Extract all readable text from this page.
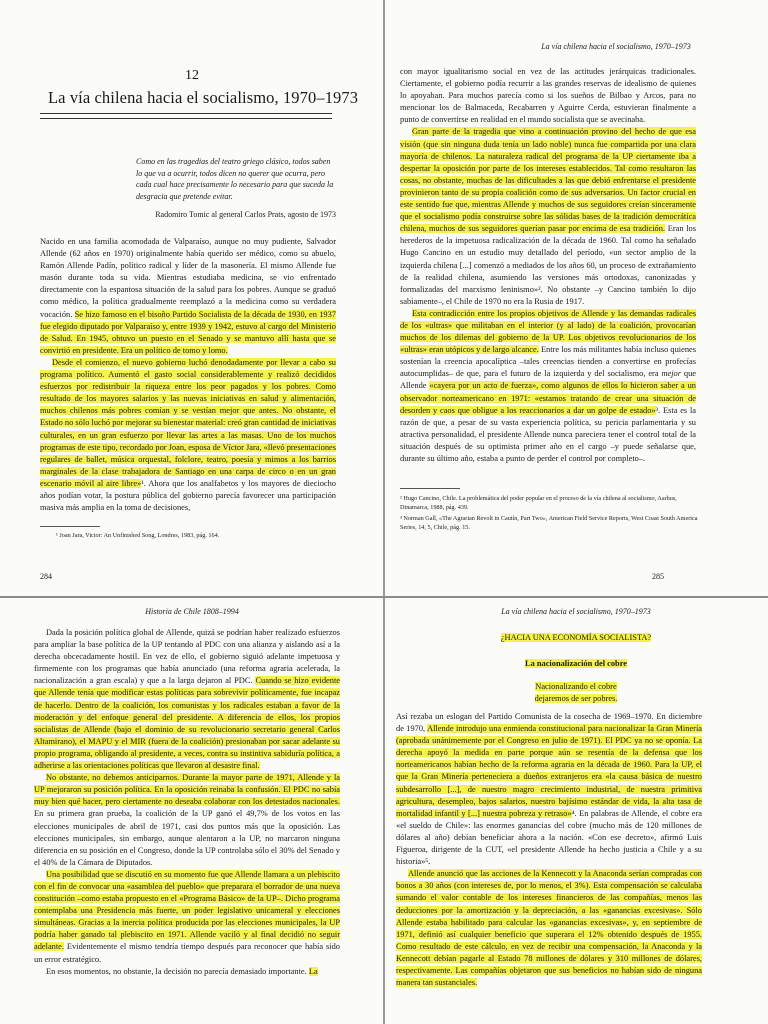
12
La vía chilena hacia el socialismo, 1970–1973
Como en las tragedias del teatro griego clásico, todos saben lo que va a ocurrir, todos dicen no querer que ocurra, pero cada cual hace precisamente lo necesario para que suceda la desgracia que pretende evitar.
Radomiro Tomic al general Carlos Prats, agosto de 1973

Nacido en una familia acomodada de Valparaíso, aunque no muy pudiente, Salvador Allende (62 años en 1970) originalmente había querido ser médico, como su abuelo, Ramón Allende Padín, político radical y líder de la masonería. El mismo Allende fue masón durante toda su vida. Mientras estudiaba medicina, se vio enfrentado directamente con la espantosa situación de la salud para los pobres. Aunque se graduó como médico, la política gradualmente reemplazó a la medicina como su verdadera vocación. Se hizo famoso en el bisoño Partido Socialista de la década de 1930, en 1937 fue elegido diputado por Valparaíso y, entre 1939 y 1942, estuvo al cargo del Ministerio de Salud. En 1945, obtuvo un puesto en el Senado y se mantuvo allí hasta que se convirtió en presidente. Era un político de tomo y lomo.

Desde el comienzo, el nuevo gobierno luchó denodadamente por llevar a cabo su programa político. Aumentó el gasto social considerablemente y realizó decididos esfuerzos por redistribuir la riqueza entre los peor pagados y los pobres. Como resultado de los mayores salarios y las nuevas iniciativas en salud y alimentación, muchos chilenos más pobres comían y se vestían mejor que antes. No obstante, el Estado no sólo luchó por mejorar su bienestar material: creó gran cantidad de iniciativas culturales, en un gran esfuerzo por llevar las artes a las masas. Uno de los muchos programas de este tipo, recordado por Joan, esposa de Víctor Jara, «llevó presentaciones regulares de ballet, música orquestal, folclore, teatro, poesía y mimos a los barrios marginales de la clase trabajadora de Santiago en una carpa de circo o en un gran escenario móvil al aire libre»¹. Ahora que los analfabetos y los mayores de dieciocho años podían votar, la postura pública del gobierno parecía favorecer una participación masiva más amplia en la toma de decisiones,

¹ Joan Jara, Victor: An Unfinished Song, Londres, 1983, pág. 164.
284
La vía chilena hacia el socialismo, 1970–1973

con mayor igualitarismo social en vez de las actitudes jerárquicas tradicionales. Ciertamente, el gobierno podía recurrir a las grandes reservas de idealismo de quienes lo apoyaban. Para muchos parecía como si los sueños de Bilbao y Arcos, para no mencionar los de Balmaceda, Recabarren y Aguirre Cerda, estuvieran finalmente a punto de convertirse en realidad en el mundo socialista que se avecinaba.

Gran parte de la tragedia que vino a continuación provino del hecho de que esa visión (que sin ninguna duda tenía un lado noble) nunca fue compartida por una clara mayoría de chilenos. La naturaleza radical del programa de la UP ciertamente iba a despertar la oposición por parte de los intereses establecidos. Tal como resultaron las cosas, no obstante, muchas de las dificultades a las que debió enfrentarse el presidente provinieron tanto de su propia coalición como de sus adversarios. Un factor crucial en este sentido fue que, mientras Allende y muchos de sus seguidores creían sinceramente que el socialismo podía construirse sobre las sólidas bases de la tradición democrática chilena, muchos de sus seguidores querían pasar por encima de esa tradición. Eran los herederos de la impetuosa radicalización de la década de 1960. Tal como ha señalado Hugo Cancino en un estudio muy detallado del período, «un sector amplio de la izquierda chilena [...] comenzó a mediados de los años 60, un proceso de extrañamiento de la realidad chilena, asumiendo las versiones más ortodoxas, canonizadas y formalizadas del marxismo leninismo»². No obstante –y Cancino también lo dijo sabiamente–, el Chile de 1970 no era la Rusia de 1917.

Esta contradicción entre los propios objetivos de Allende y las demandas radicales de los «ultras» que militaban en el interior (y al lado) de la coalición, provocarían muchos de los dilemas del gobierno de la UP. Los objetivos revolucionarios de los «ultras» eran utópicos y de largo alcance. Entre los más militantes había incluso quienes sostenían la creencia apocalíptica –tales creencias tienden a convertirse en profecías autocumplidas– de que, para el futuro de la izquierda y del socialismo, era mejor que Allende «cayera por un acto de fuerza», como algunos de ellos lo hicieron saber a un observador norteamericano en 1971: «estamos tratando de crear una situación de desorden y caos que obligue a los reaccionarios a dar un golpe de estado»³. Esta es la razón de que, a pesar de su vasta experiencia política, su pericia parlamentaria y su atractiva personalidad, el presidente Allende nunca pareciera tener el control total de la situación después de su optimista primer año en el cargo –y puede señalarse que, durante su último año, estaba a punto de perder el control por completo–.

² Hugo Cancino, Chile. La problemática del poder popular en el proceso de la vía chilena al socialismo, Aarhus, Dinamarca, 1988, pág. 439.
³ Norman Gall, «The Agrarian Revolt in Cautín, Part Two», American Field Service Reports, West Coast South America Series, 14, 5, Chile, pág. 15.
285
Historia de Chile 1808–1994

Dada la posición política global de Allende, quizá se podrían haber realizado esfuerzos para ampliar la base política de la UP tentando al PDC con una alianza y aislando así a la derecha obcecadamente hostil. En vez de ello, el gobierno siguió adelante impetuosa y firmemente con los programas que había anunciado (una reforma agraria acelerada, la nacionalización a gran escala) y que a la larga dejaron al PDC. Cuando se hizo evidente que Allende tenía que modificar estas políticas para sobrevivir políticamente, fue incapaz de hacerlo. Dentro de la coalición, los comunistas y los radicales estaban a favor de la moderación y del enfoque general del presidente. A diferencia de ellos, los propios socialistas de Allende (bajo el dominio de su revolucionario secretario general Carlos Altamirano), el MAPU y el MIR (fuera de la coalición) presionaban por sacar adelante su propio programa, obligando al presidente, a veces, contra su instintiva sabiduría política, a adherirse a las orientaciones políticas que llevaron al desastre final.

No obstante, no debemos anticiparnos. Durante la mayor parte de 1971, Allende y la UP mejoraron su posición política. En la oposición reinaba la confusión. El PDC no sabía muy bien qué hacer, pero ciertamente no deseaba colaborar con los detestados nacionales. En su primera gran prueba, la coalición de la UP ganó el 49,7% de los votos en las elecciones municipales de abril de 1971, casi dos puntos más que la oposición. Las elecciones municipales, sin embargo, aunque alentaron a la UP, no marcaron ninguna diferencia en su posición en el Congreso, donde la UP controlaba sólo el 30% del Senado y el 40% de la Cámara de Diputados.

Una posibilidad que se discutió en su momento fue que Allende llamara a un plebiscito con el fin de convocar una «asamblea del pueblo» que preparara el borrador de una nueva constitución –como estaba propuesto en el «Programa Básico» de la UP–. Dicho programa contemplaba una Presidencia más fuerte, un poder legislativo unicameral y elecciones simultáneas. Gracias a la inercia política producida por las elecciones municipales, la UP podría haber ganado tal plebiscito en 1971. Allende vaciló y al final decidió no seguir adelante. Evidentemente el mismo tendría tiempo después para reconocer que había sido un error estratégico.

En esos momentos, no obstante, la decisión no parecía demasiado importante. La

La vía chilena hacia el socialismo, 1970–1973
¿HACIA UNA ECONOMÍA SOCIALISTA?
La nacionalización del cobre
Nacionalizando el cobre
dejaremos de ser pobres.

Así rezaba un eslogan del Partido Comunista de la cosecha de 1969–1970. En diciembre de 1970, Allende introdujo una enmienda constitucional para nacionalizar la Gran Minería (aprobada unánimemente por el Congreso en julio de 1971). El PDC ya no se oponía. La derecha apoyó la medida en parte porque aún se resentía de la defensa que los norteamericanos habían hecho de la reforma agraria en la década de 1960. Para la UP, el que la Gran Minería perteneciera a dueños extranjeros era «la causa básica de nuestro subdesarrollo [...], de nuestro magro crecimiento industrial, de nuestra primitiva agricultura, desempleo, bajos salarios, nuestro bajísimo estándar de vida, la alta tasa de mortalidad infantil y [...] nuestra pobreza y retraso»⁴. En palabras de Allende, el cobre era «el sueldo de Chile»: las enormes ganancias del cobre (mucho más de 120 millones de dólares al año) debían beneficiar ahora a la nación. «Con ese decreto», afirmó Luis Figueroa, dirigente de la CUT, «el presidente Allende ha hecho justicia a Chile y a su historia»⁵.

Allende anunció que las acciones de la Kennecott y la Anaconda serían compradas con bonos a 30 años (con intereses de, por lo menos, el 3%). Esta compensación se calculaba sumando el valor contable de los intereses financieros de las compañías, menos las deducciones por la amortización y la depreciación, a las «ganancias excesivas». Sólo Allende estaba habilitado para calcular las «ganancias excesivas», y, en septiembre de 1971, definió así cualquier beneficio que superara el 12% obtenido después de 1955. Como resultado de este cálculo, en vez de recibir una compensación, la Anaconda y la Kennecott debían pagarle al Estado 78 millones de dólares y 310 millones de dólares, respectivamente. Las compañías objetaron que sus beneficios no habían sido de ninguna manera tan sustanciales.
